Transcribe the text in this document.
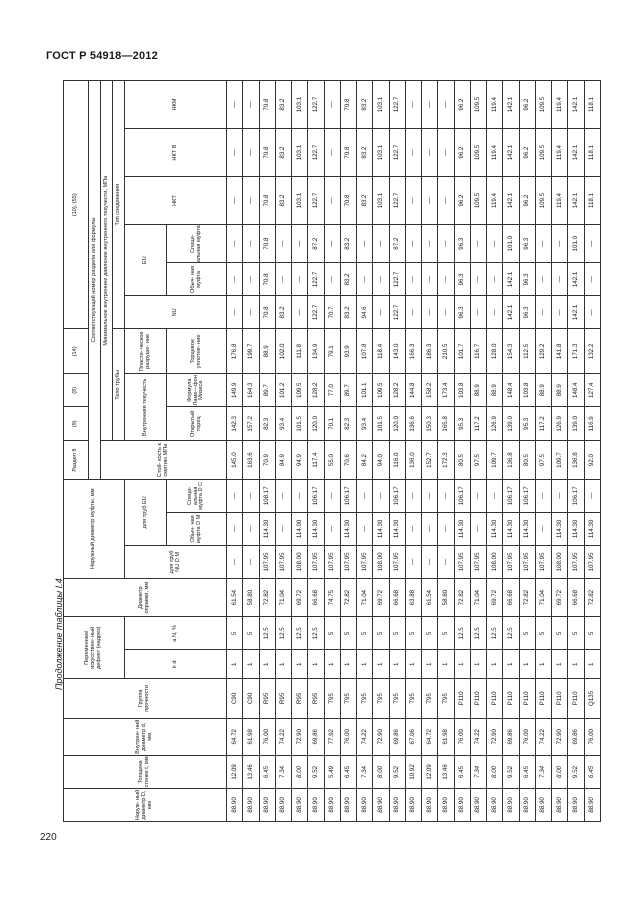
ГОСТ Р 54918—2012
220
Продолжение таблицы I.4
Наруж- ный диаметр D, мм	Толщина стенки t, мм	Внутрен- ний диаметр d, мм	Группа прочности	Переменная/ искусствен- ный дефект (надрез)		Диаметр оправки, мм	Наружный диаметр муфты, мм			Раздел 8	(9)	(8)	(14)	(10), (55)					
										Соответствующий номер раздела или формулы									
										Стой- кость к смятию МПа	Минимальное внутреннее давление внутреннего текучести, МПа								
											Тело трубы			Тип соединения					
				k d	a N, %		для труб NU D M	для труб EU			Внутренняя текучесть		Пласти- ческое разруше- ние	NU	EU		НКТ	НКТ В	НКМ
								Обыч- ная муфта D M	Специ- альная муфта D C		Открытый торец	Формула Ламе—фон Мизеса	Торцевое уплотне- ние		Обыч- ная муфта	Специ- альная муфта			
88.90	12.09	64.72	C90	1	5	61.54	—	—	—	145.0	142.3	149.9	176.8	—	—	—	—	—	—
88.90	13.46	61.98	C90	1	5	58.80	—	—	—	163.6	157.2	164.3	199.7	—	—	—	—	—	—
88.90	6.45	76.00	R95	1	12.5	72.82	107.95	114.30	108.17	70.9	82.3	89.7	88.9	70.8	70.8	70.8	70.8	70.8	70.8
88.90	7.34	74.22	R95	1	12.5	71.04	107.95	—	—	84.9	93.4	101.2	102.0	83.2	—	—	83.2	83.2	83.2
88.90	8.00	72.90	R95	1	12.5	69.72	108.00	114.00	—	94.9	101.5	109.5	111.8	—	—	—	103.1	103.1	103.1
88.90	9.52	69.86	R95	1	12.5	66.68	107.95	114.30	106.17	117.4	120.0	128.2	134.9	122.7	122.7	87.2	122.7	122.7	122.7
88.90	5.49	77.92	T95	1	5	74.75	107.95	—	—	55.0	70.1	77.0	79.1	70.7	—	—	—	—	—
88.90	6.45	76.00	T95	1	5	72.82	107.95	114.30	106.17	70.6	82.3	89.7	93.9	83.2	83.2	83.2	70.8	70.8	70.8
88.90	7.34	74.22	T95	1	5	71.04	107.95	—	—	84.2	93.4	101.1	107.8	94.6	—	—	83.2	83.2	83.2
88.90	8.00	72.90	T95	1	5	69.72	108.00	114.30	—	94.0	101.5	109.5	118.4	—	—	—	103.1	103.1	103.1
88.90	9.52	69.86	T95	1	5	66.68	107.95	114.30	106.17	116.0	120.0	128.2	143.0	122.7	122.7	87.2	122.7	122.7	122.7
88.90	10.92	67.06	T95	1	5	63.88	—	—	—	136.0	136.6	144.8	166.3	—	—	—	—	—	—
88.90	12.09	64.72	T95	1	5	61.54	—	—	—	152.7	150.3	158.2	186.3	—	—	—	—	—	—
88.90	13.46	61.98	T95	1	5	58.80	—	—	—	172.3	165.8	173.4	210.5	—	—	—	—	—	—
88.90	6.45	76.00	P110	1	12.5	72.82	107.95	114.30	106.17	80.5	95.3	103.8	101.7	96.3	96.3	96.3	96.2	96.2	96.2
88.90	7.34	74.22	P110	1	12.5	71.04	107.95	—	—	97.5	117.2	88.9	116.7	—	—	—	109.5	109.5	109.5
88.90	8.00	72.90	P110	1	12.5	69.72	108.00	114.30	—	109.7	126.9	88.9	128.0	—	—	—	119.4	119.4	119.4
88.90	9.52	69.86	P110	1	12.5	66.68	107.95	114.30	106.17	136.8	139.0	148.4	154.3	142.1	142.1	101.0	142.1	142.1	142.1
88.90	6.45	76.00	P110	1	5	72.82	107.95	114.30	106.17	80.5	95.3	103.8	112.5	96.3	96.3	96.3	96.2	96.2	96.2
88.90	7.34	74.22	P110	1	5	71.04	107.95	—	—	97.5	117.2	88.9	129.2	—	—	—	109.5	109.5	109.5
88.90	8.00	72.90	P110	1	5	69.72	108.00	114.30	—	109.7	126.9	88.9	141.8	—	—	—	119.4	119.4	119.4
88.90	9.52	69.86	P110	1	5	66.68	107.95	114.30	106.17	136.8	139.0	148.4	171.3	142.1	142.1	101.0	142.1	142.1	142.1
88.90	6.45	76.00	Q135	1	5	72.82	107.95	114.30	—	92.0	116.9	127.4	132.2	—	—	—	118.1	118.1	118.1
